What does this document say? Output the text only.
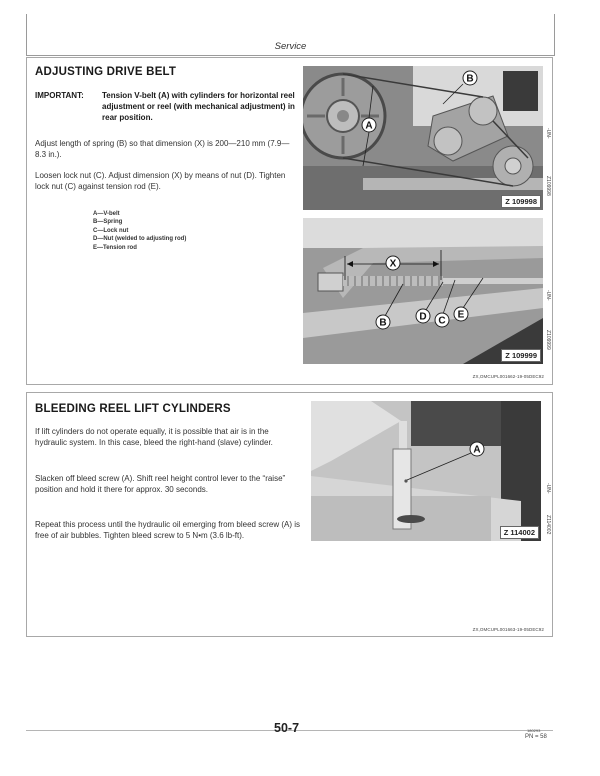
Service
ADJUSTING DRIVE BELT
IMPORTANT:	Tension V-belt (A) with cylinders for horizontal reel adjustment or reel (with mechanical adjustment) in rear position.
Adjust length of spring (B) so that dimension (X) is 200—210 mm (7.9—8.3 in.).
Loosen lock nut (C). Adjust dimension (X) by means of nut (D). Tighten lock nut (C) against tension rod (E).
A—V-belt
B—Spring
C—Lock nut
D—Nut (welded to adjusting rod)
E—Tension rod
A
B
Z 109998
-UN-
Z109998
X
B
D C
E
Z 109999
-UN-
Z109999
ZX,OMCUPL001662-19-05DEC92
BLEEDING REEL LIFT CYLINDERS
If lift cylinders do not operate equally, it is possible that air is in the hydraulic system. In this case, bleed the right-hand (slave) cylinder.
Slacken off bleed screw (A). Shift reel height control lever to the “raise” position and hold it there for approx. 30 seconds.
Repeat this process until the hydraulic oil emerging from bleed screw (A) is free of air bubbles. Tighten bleed screw to 5 N•m (3.6 lb-ft).
A
Z 114002
-UN-
Z114002
ZX,OMCUPL001663-19-05DEC92
50-7	180293
PN = 58
